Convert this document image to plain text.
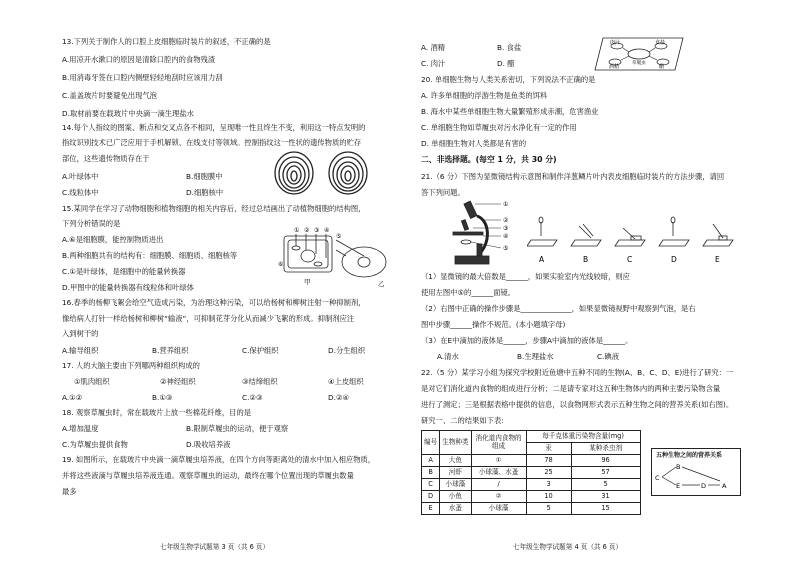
13.下列关于制作人的口腔上皮细胞临时装片的叙述，不正确的是
A.用凉开水漱口的原因是清除口腔内的食物残渣
B.用消毒牙签在口腔内侧壁轻轻地刮时应该用力刮
C.盖盖玻片时要避免出现气泡
D.取材前要在载玻片中央滴一滴生理盐水
14.每个人指纹的图案、断点和交叉点各不相同，呈现唯一性且终生不变，利用这一特点发明的
指纹识别技术已广泛应用于手机解锁、在线支付等领域。控制指纹这一性状的遗传物质的贮存
部位，这些遗传物质存在于
A.叶绿体中	B.细胞膜中
C.线粒体中	D.细胞核中
15.某同学在学习了动物细胞和植物细胞的相关内容后，经过总结画出了动植物细胞的结构图，
下列分析错误的是
A.⑥是细胞膜，能控制物质进出
B.两种细胞共有的结构有：细胞膜、细胞质、细胞核等
C.①是叶绿体，是细胞中的能量转换器
D.甲图中的能量转换器有线粒体和叶绿体
① ② ③ ④
⑤
⑥
甲	乙
16.春季的杨柳飞絮会给空气造成污染，为治理这种污染，可以给杨树和柳树注射一种抑制剂，
像给病人打针一样给杨树和柳树“输液”，可抑制花芽分化从而减少飞絮的形成。抑制剂应注
入到树干的
A.输导组织	B.营养组织	C.保护组织	D.分生组织
17. 人的大脑主要由下列哪两种组织构成的
①肌肉组织	②神经组织	③结缔组织	④上皮组织
A.①②	B.①③	C.②③	D.②④
18. 观察草履虫时，常在载玻片上放一些棉花纤维，目的是
A.增加温度	B.限制草履虫的运动，便于观察
C.为草履虫提供食物	D.吸收培养液
19. 如图所示，在载玻片中央滴一滴草履虫培养液，在四个方向等距离处的清水中加入相应物质，
并将这些液滴与草履虫培养液连通。观察草履虫的运动，最终在哪个位置出现的草履虫数量
最多
七年级生物学试题第 3 页（共 6 页）
A. 酒精	B. 食盐
C. 肉汁	D. 醋
肉汁	食盐
酒精
草履虫
醋
20. 单细胞生物与人类关系密切，下列说法不正确的是
A. 许多单细胞的浮游生物是鱼类的饵料
B. 海水中某些单细胞生物大量繁殖形成赤潮，危害渔业
C. 单细胞生物如草履虫对污水净化有一定的作用
D. 单细胞生物对人类都是有害的
二、非选择题。(每空 1 分，共 30 分)
21.（6 分）下图为显微镜结构示意图和制作洋葱鳞片叶内表皮细胞临时装片的方法步骤，请回
答下列问题。
①
②
③
④
⑤
A	B	C	D	E
（1）显微镜的最大倍数是______，如果实验室内光线较暗，则应
使用左图中⑤的______面镜。
（2）右图中正确的操作步骤是______________，如果显微镜视野中观察到气泡，是右
图中步骤______操作不规范。(本小题填字母)
（3）在E中滴加的液体是______，步骤A中滴加的液体是______。
A.清水	B.生理盐水	C.碘液
22.（5 分）某学习小组为探究学校附近鱼塘中五种不同的生物(A、B、C、D、E)进行了研究：一
是对它们消化道内食物的组成进行分析；二是请专家对这五种生物体内的两种主要污染物含量
进行了测定；三是根据表格中提供的信息，以食物网形式表示五种生物之间的营养关系(如右图)。
研究一、二的结果如下表:
编号	生物种类	消化道内食物的组成	每千克体重污染物含量(mg)	
			汞	某种杀虫剂
A	大鱼	①	78	96
B	河虾	小球藻、水蚤	25	57
C	小球藻	/	3	5
D	小鱼	②	10	31
E	水蚤	小球藻	5	15
五种生物之间的营养关系
C
B
E	D A
七年级生物学试题第 4 页（共 6 页）
